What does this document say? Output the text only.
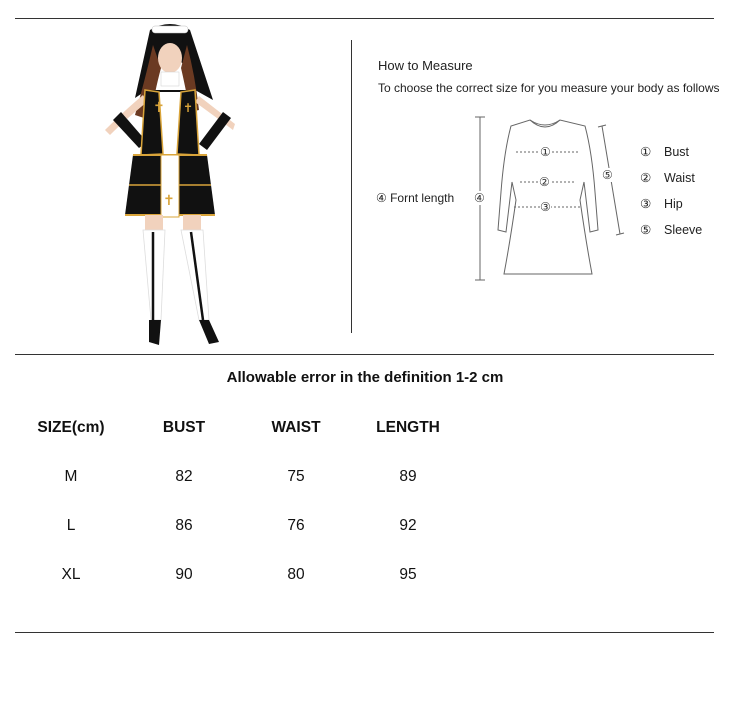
✝ ✝
✝
How to Measure
To choose the correct size for you measure your body as follows
①
②
③
④
⑤
④ Fornt length
① Bust
② Waist
③ Hip
⑤ Sleeve
Allowable error in the definition 1-2 cm
SIZE(cm)	BUST	WAIST	LENGTH
M	82	75	89
L	86	76	92
XL	90	80	95
